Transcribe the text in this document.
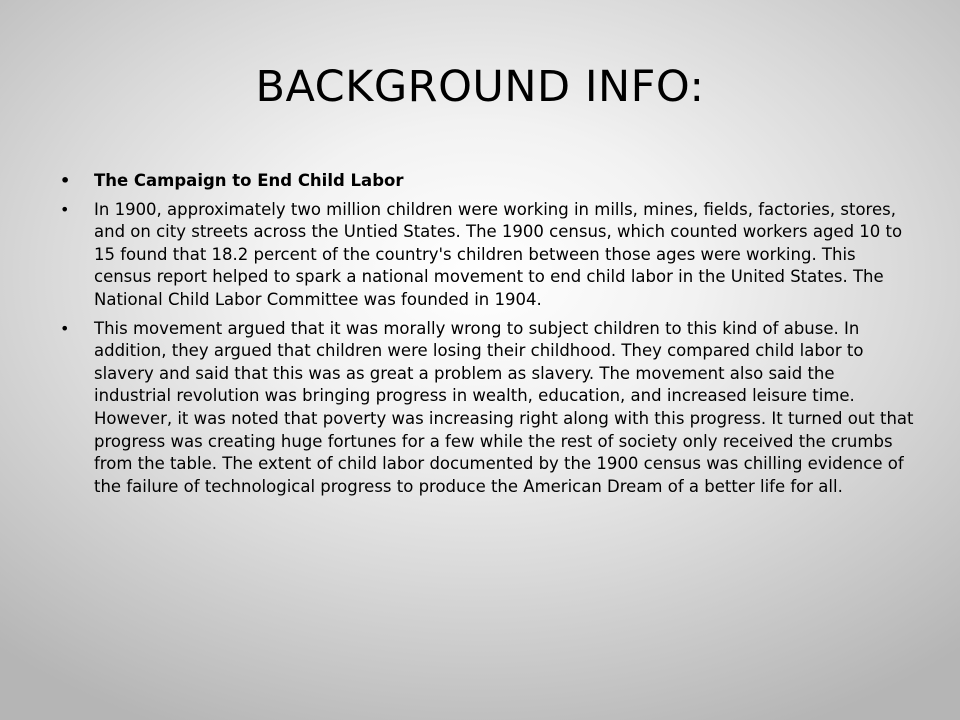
BACKGROUND INFO:
• The Campaign to End Child Labor
• In 1900, approximately two million children were working in mills, mines, fields, factories, stores, and on city streets across the Untied States. The 1900 census, which counted workers aged 10 to 15 found that 18.2 percent of the country's children between those ages were working. This census report helped to spark a national movement to end child labor in the United States. The National Child Labor Committee was founded in 1904.
• This movement argued that it was morally wrong to subject children to this kind of abuse. In addition, they argued that children were losing their childhood. They compared child labor to slavery and said that this was as great a problem as slavery. The movement also said the industrial revolution was bringing progress in wealth, education, and increased leisure time. However, it was noted that poverty was increasing right along with this progress. It turned out that progress was creating huge fortunes for a few while the rest of society only received the crumbs from the table. The extent of child labor documented by the 1900 census was chilling evidence of the failure of technological progress to produce the American Dream of a better life for all.
